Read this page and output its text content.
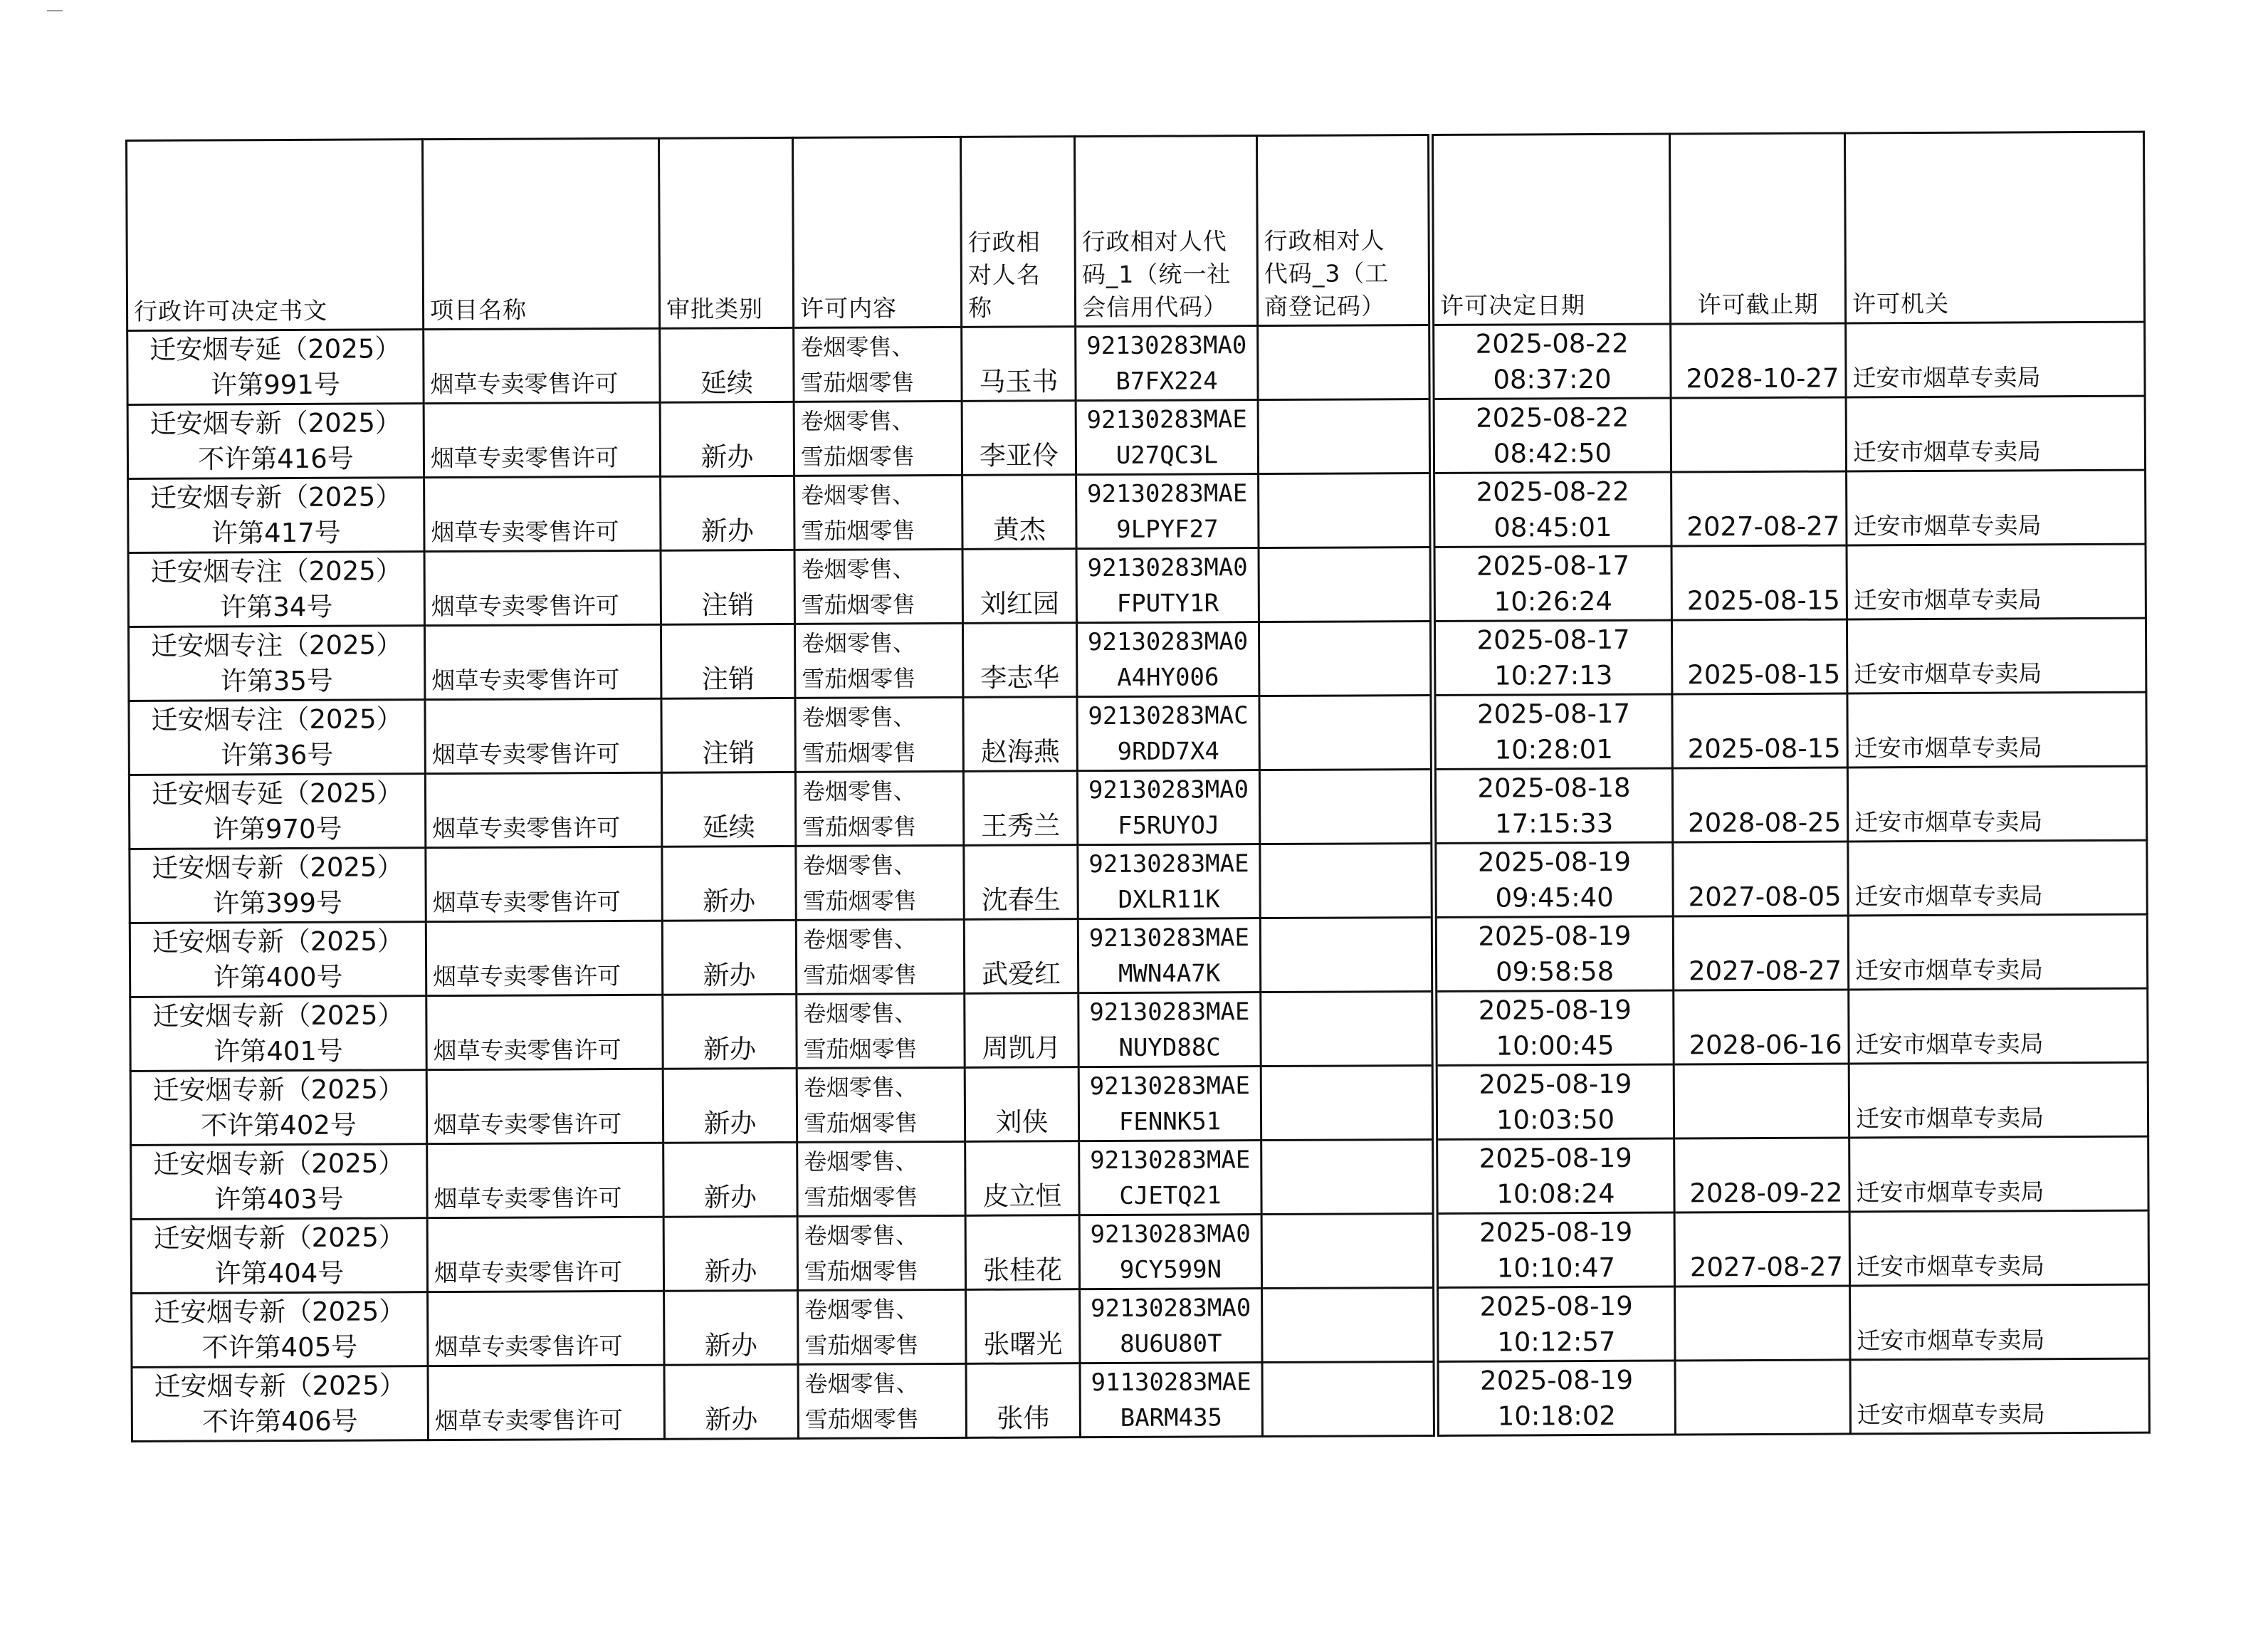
行政许可决定书文	项目名称	审批类别	许可内容	行政相
对人名
称	行政相对人代
码_1（统一社
会信用代码）	行政相对人
代码_3（工
商登记码）	许可决定日期	许可截止期	许可机关

迁安烟专延（2025）
许第991号	烟草专卖零售许可	延续	卷烟零售、
雪茄烟零售	马玉书	92130283MA0
B7FX224		2025-08-22
08:37:20	2028-10-27	迁安市烟草专卖局

迁安烟专新（2025）
不许第416号	烟草专卖零售许可	新办	卷烟零售、
雪茄烟零售	李亚伶	92130283MAE
U27QC3L		2025-08-22
08:42:50		迁安市烟草专卖局

迁安烟专新（2025）
许第417号	烟草专卖零售许可	新办	卷烟零售、
雪茄烟零售	黄杰	92130283MAE
9LPYF27		2025-08-22
08:45:01	2027-08-27	迁安市烟草专卖局

迁安烟专注（2025）
许第34号	烟草专卖零售许可	注销	卷烟零售、
雪茄烟零售	刘红园	92130283MA0
FPUTY1R		2025-08-17
10:26:24	2025-08-15	迁安市烟草专卖局

迁安烟专注（2025）
许第35号	烟草专卖零售许可	注销	卷烟零售、
雪茄烟零售	李志华	92130283MA0
A4HY006		2025-08-17
10:27:13	2025-08-15	迁安市烟草专卖局

迁安烟专注（2025）
许第36号	烟草专卖零售许可	注销	卷烟零售、
雪茄烟零售	赵海燕	92130283MAC
9RDD7X4		2025-08-17
10:28:01	2025-08-15	迁安市烟草专卖局

迁安烟专延（2025）
许第970号	烟草专卖零售许可	延续	卷烟零售、
雪茄烟零售	王秀兰	92130283MA0
F5RUYOJ		2025-08-18
17:15:33	2028-08-25	迁安市烟草专卖局

迁安烟专新（2025）
许第399号	烟草专卖零售许可	新办	卷烟零售、
雪茄烟零售	沈春生	92130283MAE
DXLR11K		2025-08-19
09:45:40	2027-08-05	迁安市烟草专卖局

迁安烟专新（2025）
许第400号	烟草专卖零售许可	新办	卷烟零售、
雪茄烟零售	武爱红	92130283MAE
MWN4A7K		2025-08-19
09:58:58	2027-08-27	迁安市烟草专卖局

迁安烟专新（2025）
许第401号	烟草专卖零售许可	新办	卷烟零售、
雪茄烟零售	周凯月	92130283MAE
NUYD88C		2025-08-19
10:00:45	2028-06-16	迁安市烟草专卖局

迁安烟专新（2025）
不许第402号	烟草专卖零售许可	新办	卷烟零售、
雪茄烟零售	刘侠	92130283MAE
FENNK51		2025-08-19
10:03:50		迁安市烟草专卖局

迁安烟专新（2025）
许第403号	烟草专卖零售许可	新办	卷烟零售、
雪茄烟零售	皮立恒	92130283MAE
CJETQ21		2025-08-19
10:08:24	2028-09-22	迁安市烟草专卖局

迁安烟专新（2025）
许第404号	烟草专卖零售许可	新办	卷烟零售、
雪茄烟零售	张桂花	92130283MA0
9CY599N		2025-08-19
10:10:47	2027-08-27	迁安市烟草专卖局

迁安烟专新（2025）
不许第405号	烟草专卖零售许可	新办	卷烟零售、
雪茄烟零售	张曙光	92130283MA0
8U6U80T		2025-08-19
10:12:57		迁安市烟草专卖局

迁安烟专新（2025）
不许第406号	烟草专卖零售许可	新办	卷烟零售、
雪茄烟零售	张伟	91130283MAE
BARM435		2025-08-19
10:18:02		迁安市烟草专卖局
